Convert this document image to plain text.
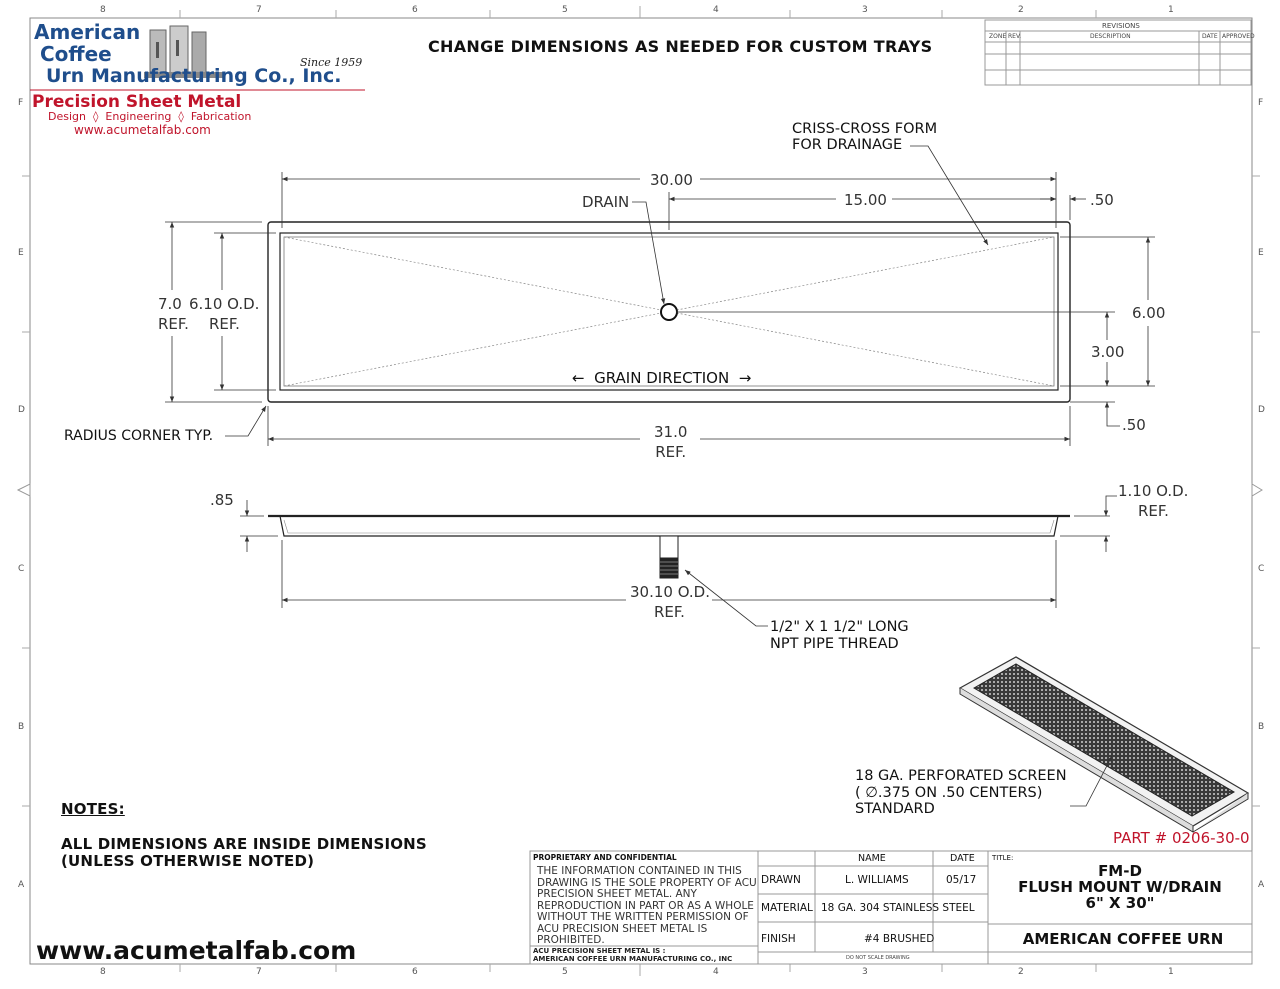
8	7	6	5	4	3	2	1
8	7	6	5	4	3	2	1
F
E
D
C
B
A
F
E
D
C
B
A
American
Coffee
Urn Manufacturing Co., Inc.
Since 1959
Precision Sheet Metal
Design  ◊  Engineering  ◊  Fabrication
www.acumetalfab.com
CHANGE DIMENSIONS AS NEEDED FOR CUSTOM TRAYS
REVISIONS
ZONE REV.	DESCRIPTION	DATE APPROVED
CRISS-CROSS FORM
FOR DRAINAGE
DRAIN
30.00
15.00	.50
7.0
REF.
6.10 O.D.
REF.
6.00
3.00
←  GRAIN DIRECTION  →
.50
RADIUS CORNER TYP.	31.0
REF.
.85	1.10 O.D.
REF.
30.10 O.D.
REF.
1/2" X 1 1/2" LONG
NPT PIPE THREAD
18 GA. PERFORATED SCREEN
( ∅.375 ON .50 CENTERS)
STANDARD
PART # 0206-30-0
NOTES:
ALL DIMENSIONS ARE INSIDE DIMENSIONS
(UNLESS OTHERWISE NOTED)
www.acumetalfab.com
PROPRIETARY AND CONFIDENTIAL
THE INFORMATION CONTAINED IN THIS DRAWING IS THE SOLE PROPERTY OF ACU PRECISION SHEET METAL. ANY REPRODUCTION IN PART OR AS A WHOLE WITHOUT THE WRITTEN PERMISSION OF ACU PRECISION SHEET METAL IS PROHIBITED.
ACU PRECISION SHEET METAL IS :
AMERICAN COFFEE URN MANUFACTURING CO., INC
NAME	DATE
DRAWN	L. WILLIAMS	05/17
MATERIAL 18 GA. 304 STAINLESS STEEL
FINISH	#4 BRUSHED
DO NOT SCALE DRAWING
TITLE:
FM-D
FLUSH MOUNT W/DRAIN
6" X 30"
AMERICAN COFFEE URN
